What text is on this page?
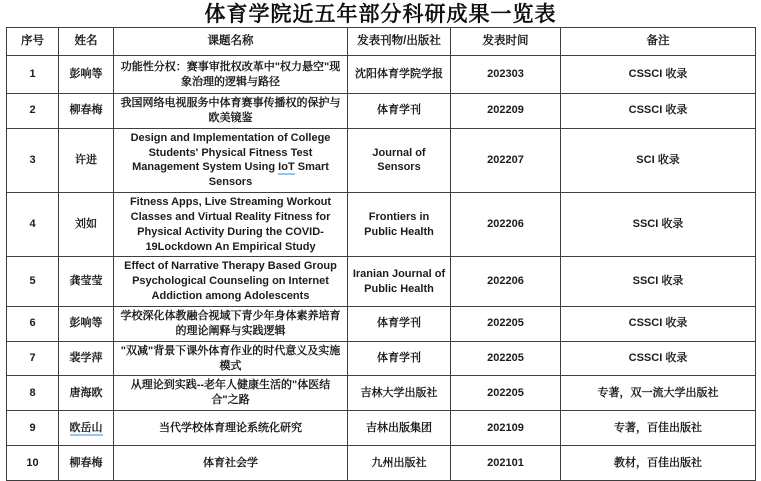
体育学院近五年部分科研成果一览表
序号	姓名	课题名称	发表刊物/出版社	发表时间	备注
1	彭响等	功能性分权：赛事审批权改革中"权力悬空"现象治理的逻辑与路径	沈阳体育学院学报	202303	CSSCI 收录
2	柳春梅	我国网络电视服务中体育赛事传播权的保护与欧美镜鉴	体育学刊	202209	CSSCI 收录
3	许进	Design and Implementation of College Students' Physical Fitness Test Management System Using IoT Smart Sensors	Journal of Sensors	202207	SCI 收录
4	刘如	Fitness Apps, Live Streaming Workout Classes and Virtual Reality Fitness for Physical Activity During the COVID-19Lockdown An Empirical Study	Frontiers in Public Health	202206	SSCI 收录
5	龚莹莹	Effect of Narrative Therapy Based Group Psychological Counseling on Internet Addiction among Adolescents	Iranian Journal of Public Health	202206	SSCI 收录
6	彭响等	学校深化体教融合视域下青少年身体素养培育的理论阐释与实践逻辑	体育学刊	202205	CSSCI 收录
7	裴学萍	"双减"背景下课外体育作业的时代意义及实施模式	体育学刊	202205	CSSCI 收录
8	唐海欧	从理论到实践--老年人健康生活的"体医结合"之路	吉林大学出版社	202205	专著，双一流大学出版社
9	欧岳山	当代学校体育理论系统化研究	吉林出版集团	202109	专著，百佳出版社
10	柳春梅	体育社会学	九州出版社	202101	教材，百佳出版社
